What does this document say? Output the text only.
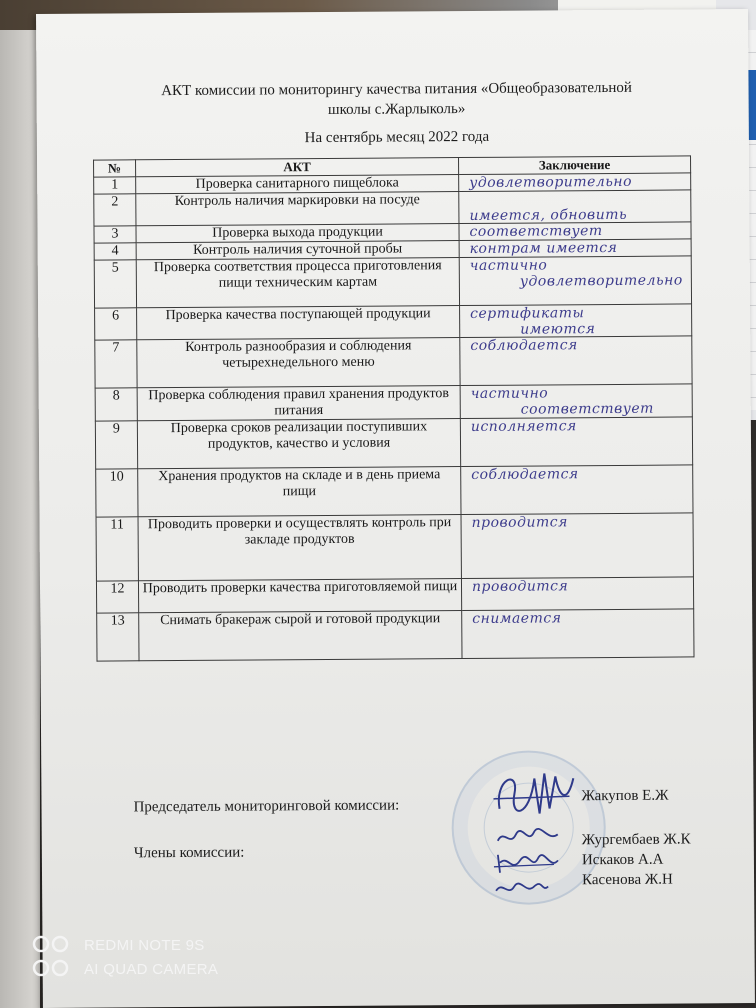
АКТ комиссии по мониторингу качества питания «Общеобразовательной
школы с.Жарлыколь»
На сентябрь месяц 2022 года
№	АКТ	Заключение
1	Проверка санитарного пищеблока	удовлетворительно

2	Контроль наличия маркировки на посуде	имеется, обновить

3	Проверка выхода продукции	соответствует

4	Контроль наличия суточной пробы	контрам имеется

5	Проверка соответствия процесса приготовления пищи техническим картам	частично
удовлетворительно

6	Проверка качества поступающей продукции	сертификаты
имеются

7	Контроль разнообразия и соблюдения четырехнедельного меню	соблюдается

8	Проверка соблюдения правил хранения продуктов питания	частично
соответствует

9	Проверка сроков реализации поступивших продуктов, качество и условия	исполняется

10	Хранения продуктов на складе и в день приема пищи	соблюдается

11	Проводить проверки и осуществлять контроль при закладе продуктов	проводится

12	Проводить проверки качества приготовляемой пищи	проводится

13	Снимать бракераж сырой и готовой продукции	снимается
Председатель мониторинговой комиссии:
Жакупов Е.Ж
Члены комиссии:
Жургембаев Ж.К
Искаков А.А
Касенова Ж.Н
REDMI NOTE 9S
AI QUAD CAMERA
